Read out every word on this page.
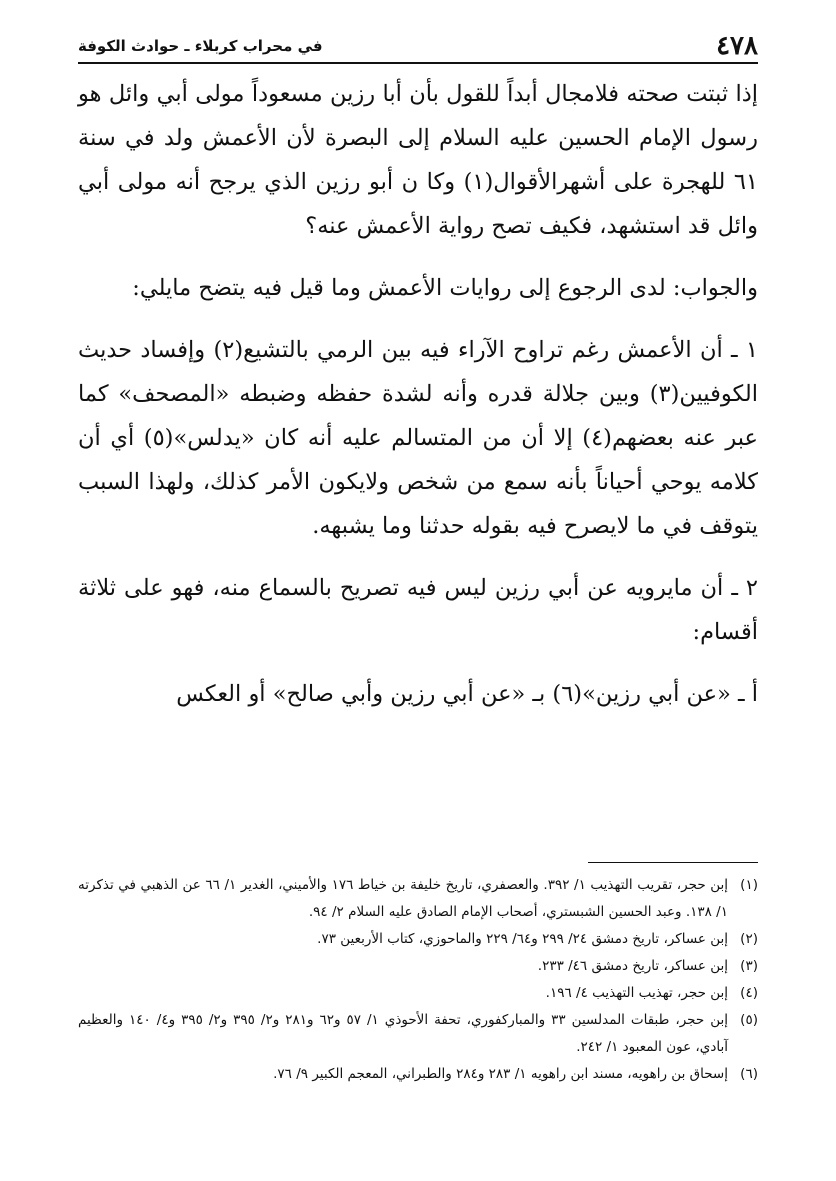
٤٧٨
في محراب كربلاء ـ حوادث الكوفة

إذا ثبتت صحته فلامجال أبداً للقول بأن أبا رزين مسعوداً مولى أبي وائل هو رسول الإمام الحسين عليه السلام إلى البصرة لأن الأعمش ولد في سنة ٦١ للهجرة على أشهرالأقوال(١) وكا ن أبو رزين الذي يرجح أنه مولى أبي وائل قد استشهد، فكيف تصح رواية الأعمش عنه؟

والجواب: لدى الرجوع إلى روايات الأعمش وما قيل فيه يتضح مايلي:

١ ـ أن الأعمش رغم تراوح الآراء فيه بين الرمي بالتشيع(٢) وإفساد حديث الكوفيين(٣) وبين جلالة قدره وأنه لشدة حفظه وضبطه «المصحف» كما عبر عنه بعضهم(٤) إلا أن من المتسالم عليه أنه كان «يدلس»(٥) أي أن كلامه يوحي أحياناً بأنه سمع من شخص ولايكون الأمر كذلك، ولهذا السبب يتوقف في ما لايصرح فيه بقوله حدثنا وما يشبهه.

٢ ـ أن مايرويه عن أبي رزين ليس فيه تصريح بالسماع منه، فهو على ثلاثة أقسام:

أ ـ «عن أبي رزين»(٦) بـ «عن أبي رزين وأبي صالح» أو العكس

(١)
إبن حجر، تقريب التهذيب ١/ ٣٩٢. والعصفري، تاريخ خليفة بن خياط ١٧٦ والأميني، الغدير ١/ ٦٦ عن الذهبي في تذكرته ١/ ١٣٨. وعبد الحسين الشبستري، أصحاب الإمام الصادق عليه السلام ٢/ ٩٤.
(٢)
إبن عساكر، تاريخ دمشق ٢٤/ ٢٩٩ و٦٤/ ٢٢٩ والماحوزي، كتاب الأربعين ٧٣.
(٣)
إبن عساكر، تاريخ دمشق ٤٦/ ٢٣٣.
(٤)
إبن حجر، تهذيب التهذيب ٤/ ١٩٦.
(٥)
إبن حجر، طبقات المدلسين ٣٣ والمباركفوري، تحفة الأحوذي ١/ ٥٧ و٦٢ و٢٨١ و٢/ ٣٩٥ و٢/ ٣٩٥ و٤/ ١٤٠ والعظيم آبادي، عون المعبود ١/ ٢٤٢.
(٦)
إسحاق بن راهويه، مسند ابن راهويه ١/ ٢٨٣ و٢٨٤ والطبراني، المعجم الكبير ٩/ ٧٦.
